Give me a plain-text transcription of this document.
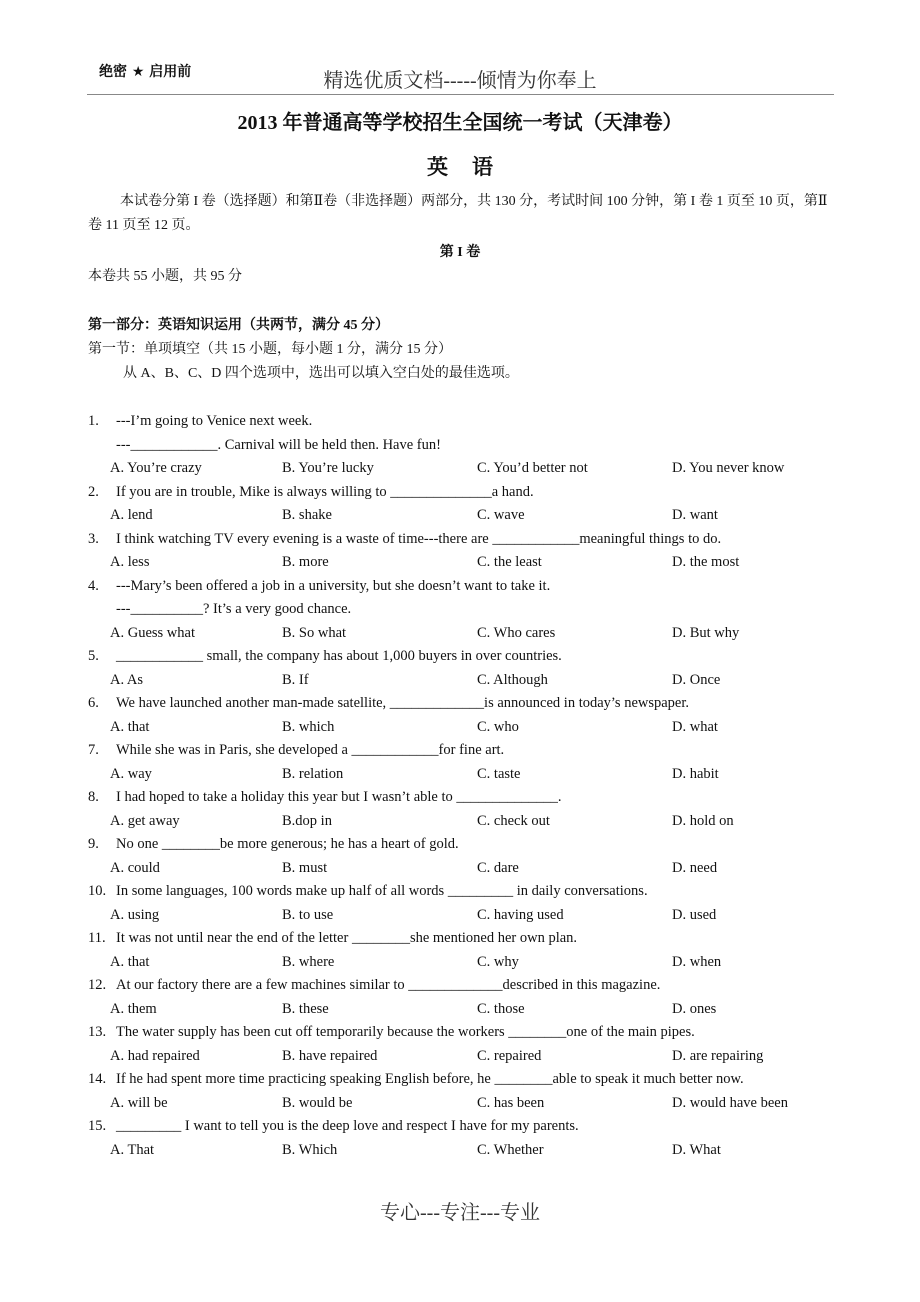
绝密 ★ 启用前	精选优质文档-----倾情为你奉上
2013 年普通高等学校招生全国统一考试（天津卷）
英语
本试卷分第 I 卷（选择题）和第Ⅱ卷（非选择题）两部分，共 130 分，考试时间 100 分钟，第 I 卷 1 页至 10 页，第Ⅱ卷 11 页至 12 页。
第 I 卷
本卷共 55 小题，共 95 分
第一部分：英语知识运用（共两节，满分 45 分）
第一节：单项填空（共 15 小题，每小题 1 分，满分 15 分）
从 A、B、C、D 四个选项中，选出可以填入空白处的最佳选项。
1. ---I’m going to Venice next week.
---____________. Carnival will be held then. Have fun!
A. You’re crazy	B. You’re lucky	C. You’d better not	D. You never know
2. If you are in trouble, Mike is always willing to ______________a hand.
A. lend	B. shake	C. wave	D. want
3. I think watching TV every evening is a waste of time---there are ____________meaningful things to do.
A. less	B. more	C. the least	D. the most
4. ---Mary’s been offered a job in a university, but she doesn’t want to take it.
---__________? It’s a very good chance.
A. Guess what	B. So what	C. Who cares	D. But why
5. ____________ small, the company has about 1,000 buyers in over countries.
A. As	B. If	C. Although	D. Once
6. We have launched another man-made satellite, _____________is announced in today’s newspaper.
A. that	B. which	C. who	D. what
7. While she was in Paris, she developed a ____________for fine art.
A. way	B. relation	C. taste	D. habit
8. I had hoped to take a holiday this year but I wasn’t able to ______________.
A. get away	B.dop in	C. check out	D. hold on
9. No one ________be more generous; he has a heart of gold.
A. could	B. must	C. dare	D. need
10. In some languages, 100 words make up half of all words _________ in daily conversations.
A. using	B. to use	C. having used	D. used
11. It was not until near the end of the letter ________she mentioned her own plan.
A. that	B. where	C. why	D. when
12. At our factory there are a few machines similar to _____________described in this magazine.
A. them	B. these	C. those	D. ones
13. The water supply has been cut off temporarily because the workers ________one of the main pipes.
A. had repaired	B. have repaired	C. repaired	D. are repairing
14. If he had spent more time practicing speaking English before, he ________able to speak it much better now.
A. will be	B. would be	C. has been	D. would have been
15. _________ I want to tell you is the deep love and respect I have for my parents.
A. That	B. Which	C. Whether	D. What
专心---专注---专业
